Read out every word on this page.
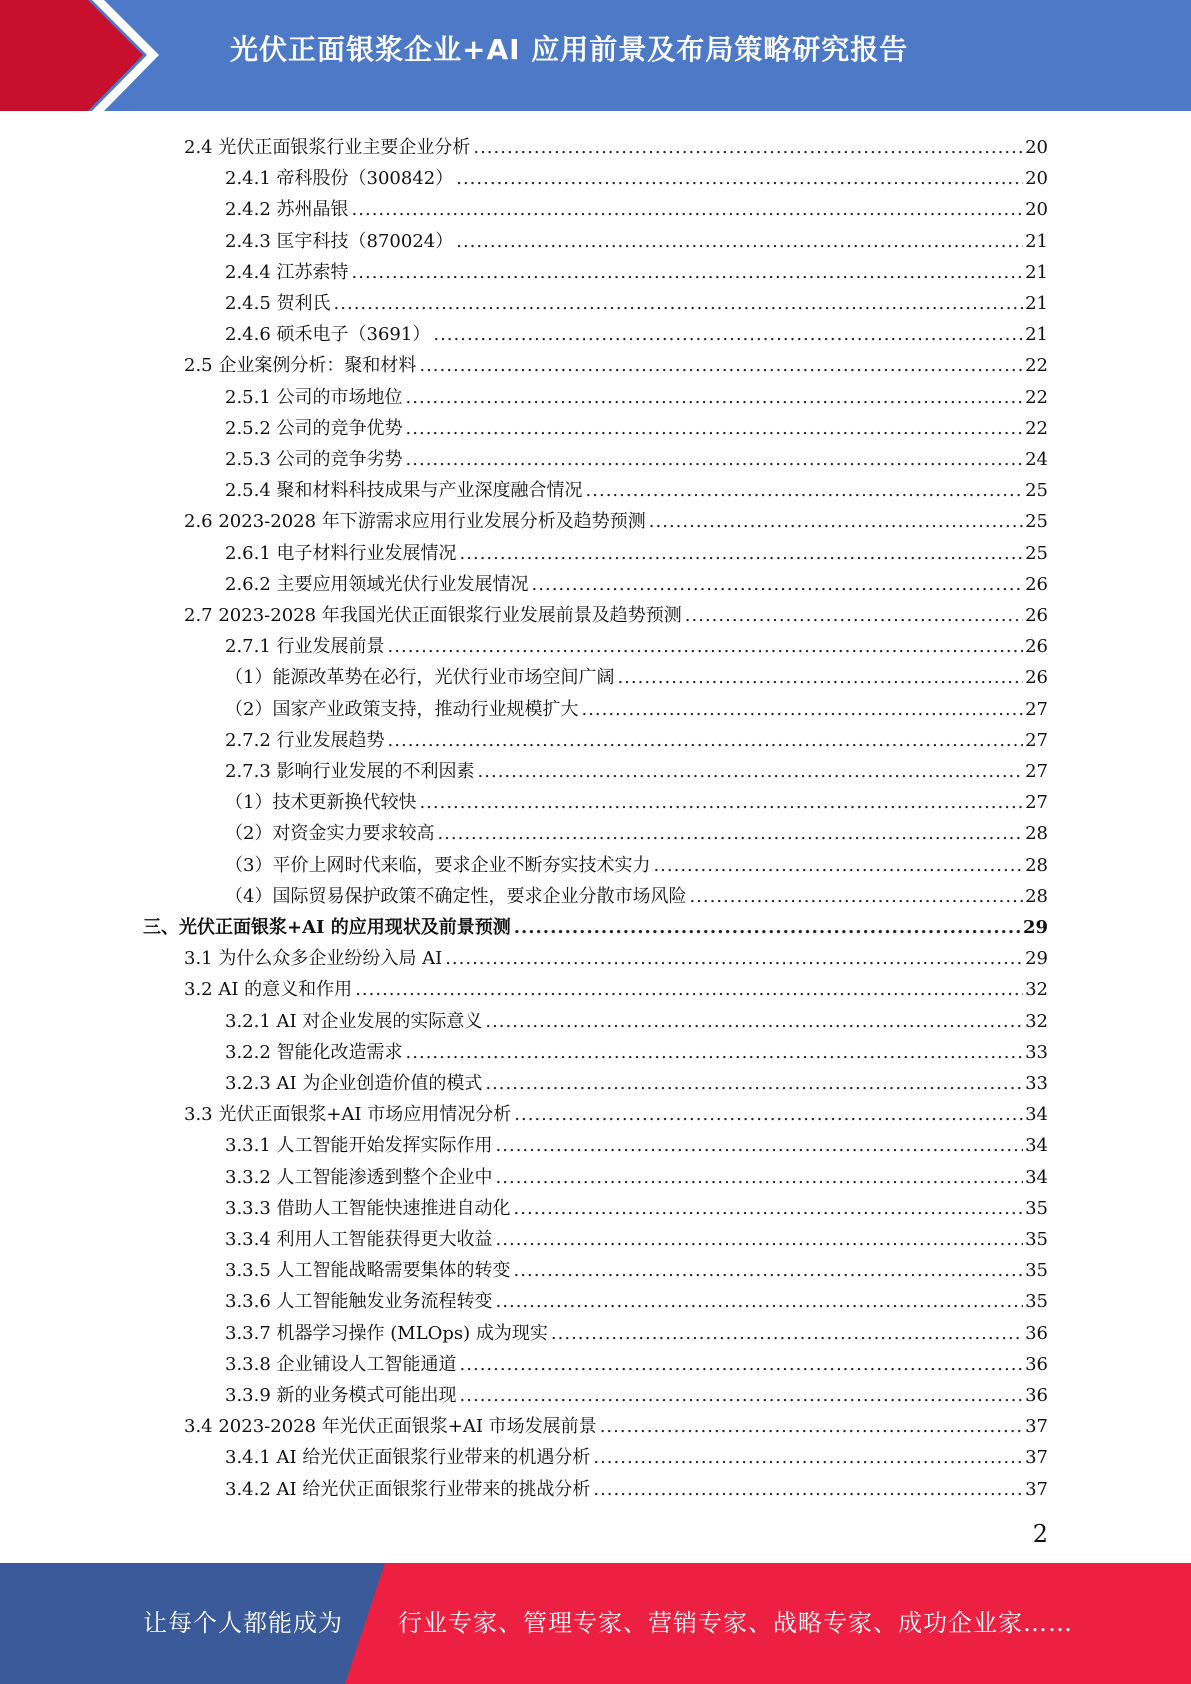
光伏正面银浆企业+AI 应用前景及布局策略研究报告
2.4 光伏正面银浆行业主要企业分析 .....	20
2.4.1 帝科股份（300842） .....	20
2.4.2 苏州晶银 .....	20
2.4.3 匡宇科技（870024） .....	21
2.4.4 江苏索特 .....	21
2.4.5 贺利氏 .....	21
2.4.6 硕禾电子（3691） .....	21
2.5 企业案例分析：聚和材料 .....	22
2.5.1 公司的市场地位 .....	22
2.5.2 公司的竞争优势 .....	22
2.5.3 公司的竞争劣势 .....	24
2.5.4 聚和材料科技成果与产业深度融合情况 .....	25
2.6 2023-2028 年下游需求应用行业发展分析及趋势预测 .....	25
2.6.1 电子材料行业发展情况 .....	25
2.6.2 主要应用领域光伏行业发展情况 .....	26
2.7 2023-2028 年我国光伏正面银浆行业发展前景及趋势预测 .....	26
2.7.1 行业发展前景 .....	26
（1）能源改革势在必行，光伏行业市场空间广阔 .....	26
（2）国家产业政策支持，推动行业规模扩大 .....	27
2.7.2 行业发展趋势 .....	27
2.7.3 影响行业发展的不利因素 .....	27
（1）技术更新换代较快 .....	27
（2）对资金实力要求较高 .....	28
（3）平价上网时代来临，要求企业不断夯实技术实力 .....	28
（4）国际贸易保护政策不确定性，要求企业分散市场风险 .....	28
三、光伏正面银浆+AI 的应用现状及前景预测 .....	29
3.1 为什么众多企业纷纷入局 AI .....	29
3.2 AI 的意义和作用 .....	32
3.2.1 AI 对企业发展的实际意义 .....	32
3.2.2 智能化改造需求 .....	33
3.2.3 AI 为企业创造价值的模式 .....	33
3.3 光伏正面银浆+AI 市场应用情况分析 .....	34
3.3.1 人工智能开始发挥实际作用 .....	34
3.3.2 人工智能渗透到整个企业中 .....	34
3.3.3 借助人工智能快速推进自动化 .....	35
3.3.4 利用人工智能获得更大收益 .....	35
3.3.5 人工智能战略需要集体的转变 .....	35
3.3.6 人工智能触发业务流程转变 .....	35
3.3.7 机器学习操作 (MLOps) 成为现实 .....	36
3.3.8 企业铺设人工智能通道 .....	36
3.3.9 新的业务模式可能出现 .....	36
3.4 2023-2028 年光伏正面银浆+AI 市场发展前景 .....	37
3.4.1 AI 给光伏正面银浆行业带来的机遇分析 .....	37
3.4.2 AI 给光伏正面银浆行业带来的挑战分析 .....	37
2
让每个人都能成为 行业专家、管理专家、营销专家、战略专家、成功企业家……
